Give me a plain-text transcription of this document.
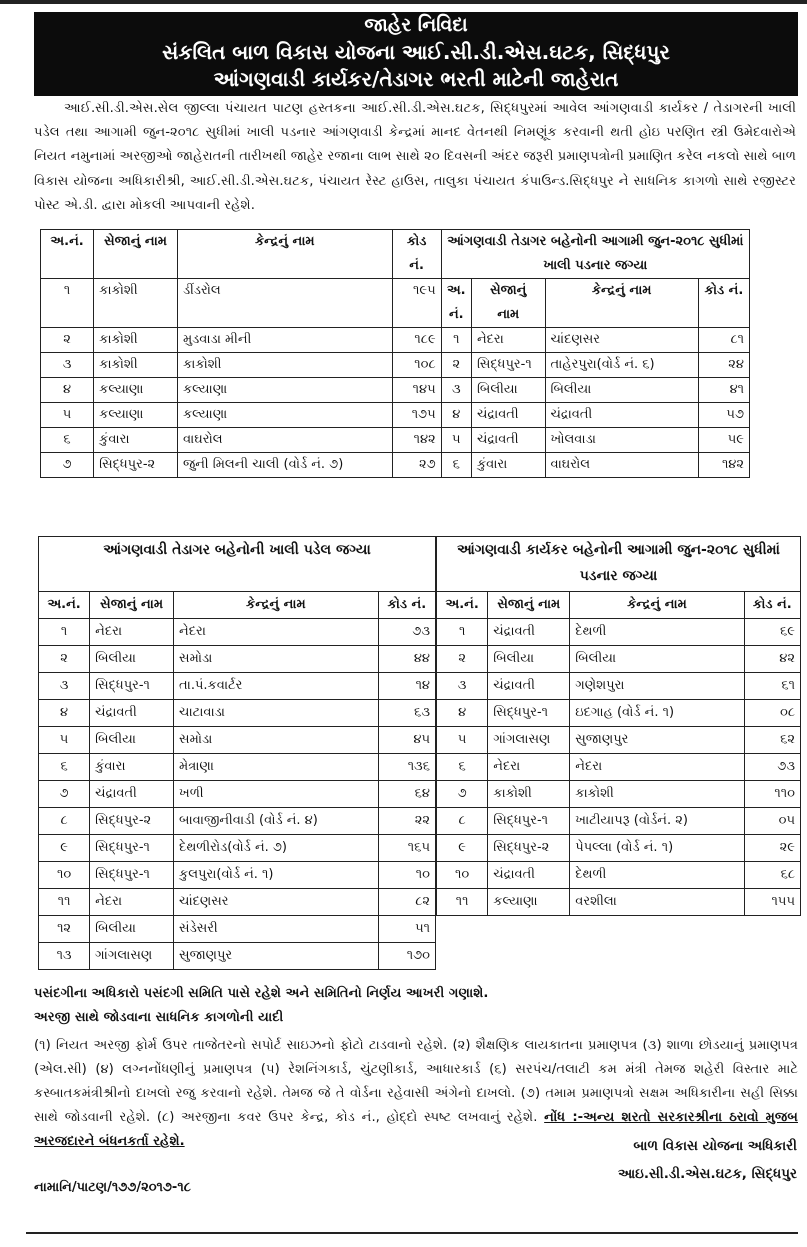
જાહેર નિવિદા
સંકલિત બાળ વિકાસ યોજના આઈ.સી.ડી.એસ.ઘટક, સિદ્ધપુર
આંગણવાડી કાર્યકર/તેડાગર ભરતી માટેની જાહેરાત

આઈ.સી.ડી.એસ.સેલ જીલ્લા પંચાયત પાટણ હસ્તકના આઈ.સી.ડી.એસ.ઘટક, સિદ્ધપુરમાં આવેલ આંગણવાડી કાર્યકર / તેડાગરની ખાલી પડેલ તથા આગામી જુન-૨૦૧૮ સુધીમાં ખાલી પડનાર આંગણવાડી કેન્દ્રમાં માનદ વેતનથી નિમણૂંક કરવાની થતી હોઇ પરણિત સ્ત્રી ઉમેદવારોએ નિયત નમુનામાં અરજીઓ જાહેરાતની તારીખથી જાહેર રજાના લાભ સાથે ૨૦ દિવસની અંદર જરૂરી પ્રમાણપત્રોની પ્રમાણિત કરેલ નકલો સાથે બાળ વિકાસ યોજના અધિકારીશ્રી, આઈ.સી.ડી.એસ.ઘટક, પંચાયત રેસ્ટ હાઉસ, તાલુકા પંચાયત કંપાઉન્ડ.સિદ્ધપુર ને સાધનિક કાગળો સાથે રજીસ્ટર પોસ્ટ એ.ડી. દ્વારા મોકલી આપવાની રહેશે.

અ.નં.	સેજાનું નામ	કેન્દ્રનું નામ	કોડ નં.	આંગણવાડી તેડાગર બહેનોની આગામી જુન-૨૦૧૮ સુધીમાં ખાલી પડનાર જગ્યા			

૧	કાકોશી	ડીંડરોલ	૧૯૫	અ. નં.	સેજાનું નામ	કેન્દ્રનું નામ	કોડ નં.
૨	કાકોશી	મુડવાડા મીની	૧૮૯	૧	નેદરા	ચાંદણસર	૮૧
૩	કાકોશી	કાકોશી	૧૦૮	૨	સિદ્ધપુર-૧	તાહેરપુરા(વોર્ડ નં. ૬)	૨૪
૪	કલ્યાણા	કલ્યાણા	૧૪૫	૩	બિલીયા	બિલીયા	૪૧
૫	કલ્યાણા	કલ્યાણા	૧૭૫	૪	ચંદ્રાવતી	ચંદ્રાવતી	૫૭
૬	કુંવારા	વાઘરોલ	૧૪૨	૫	ચંદ્રાવતી	ખોલવાડા	૫૯
૭	સિદ્ધપુર-૨	જુની મિલની ચાલી (વોર્ડ નં. ૭)	૨૭	૬	કુંવારા	વાઘરોલ	૧૪૨
આંગણવાડી તેડાગર બહેનોની ખાલી પડેલ જગ્યા			
અ.નં.	સેજાનું નામ	કેન્દ્રનું નામ	કોડ નં.
૧	નેદરા	નેદરા	૭૩
૨	બિલીયા	સમોડા	૪૪
૩	સિદ્ધપુર-૧	તા.પં.કવાર્ટર	૧૪
૪	ચંદ્રાવતી	ચાટાવાડા	૬૩
૫	બિલીયા	સમોડા	૪૫
૬	કુંવારા	મેત્રાણા	૧૩૬
૭	ચંદ્રાવતી	ખળી	૬૪
૮	સિદ્ધપુર-૨	બાવાજીનીવાડી (વોર્ડ નં. ૪)	૨૨
૯	સિદ્ધપુર-૧	દેથળીરોડ(વોર્ડ નં. ૭)	૧૬૫
૧૦	સિદ્ધપુર-૧	કુલપુરા(વોર્ડ નં. ૧)	૧૦
૧૧	નેદરા	ચાંદણસર	૮૨
૧૨	બિલીયા	સંડેસરી	૫૧
૧૩	ગાંગલાસણ	સુજાણપુર	૧૭૦
આંગણવાડી કાર્યકર બહેનોની આગામી જુન-૨૦૧૮ સુધીમાં પડનાર જગ્યા			
અ.નં.	સેજાનું નામ	કેન્દ્રનું નામ	કોડ નં.
૧	ચંદ્રાવતી	દેથળી	૬૯
૨	બિલીયા	બિલીયા	૪૨
૩	ચંદ્રાવતી	ગણેશપુરા	૬૧
૪	સિદ્ધપુર-૧	ઇદગાહ (વોર્ડ નં. ૧)	૦૮
૫	ગાંગલાસણ	સુજાણપુર	૬૨
૬	નેદરા	નેદરા	૭૩
૭	કાકોશી	કાકોશી	૧૧૦
૮	સિદ્ધપુર-૧	ખાટીયાપરૂ (વોર્ડનં. ૨)	૦૫
૯	સિદ્ધપુર-૨	પેપલ્લા (વોર્ડ નં. ૧)	૨૯
૧૦	ચંદ્રાવતી	દેથળી	૬૮
૧૧	કલ્યાણા	વરશીલા	૧૫૫
પસંદગીના અધિકારો પસંદગી સમિતિ પાસે રહેશે અને સમિતિનો નિર્ણય આખરી ગણાશે.
અરજી સાથે જોડવાના સાધનિક કાગળોની યાદી
(૧) નિયત અરજી ફોર્મ ઉપર તાજેતરનો સપોર્ટ સાઇઝનો ફોટો ટાડવાનો રહેશે. (૨) શૈક્ષણિક લાયકાતના પ્રમાણપત્ર (૩) શાળા છોડયાનું પ્રમાણપત્ર (એલ.સી) (૪) લગ્નનોંધણીનું પ્રમાણપત્ર (૫) રેશનિંગકાર્ડ, ચુંટણીકાર્ડ, આધારકાર્ડ (૬) સરપંચ/તલાટી કમ મંત્રી તેમજ શહેરી વિસ્તાર માટે કસ્બાતકમંત્રીશ્રીનો દાખલો રજુ કરવાનો રહેશે. તેમજ જે તે વોર્ડના રહેવાસી અંગેનો દાખલો. (૭) તમામ પ્રમાણપત્રો સક્ષમ અધિકારીના સહી સિક્કા સાથે જોડવાની રહેશે. (૮) અરજીના કવર ઉપર કેન્દ્ર, કોડ નં., હોદ્દો સ્પષ્ટ લખવાનું રહેશે. નોંધ :-અન્ય શરતો સરકારશ્રીના ઠરાવો મુજબ અરજદારને બંધનકર્તા રહેશે.	બાળ વિકાસ યોજના અધિકારી
આઇ.સી.ડી.એસ.ઘટક, સિદ્ધપુર
નામાનિ/પાટણ/૧૭૭/૨૦૧૭-૧૮
